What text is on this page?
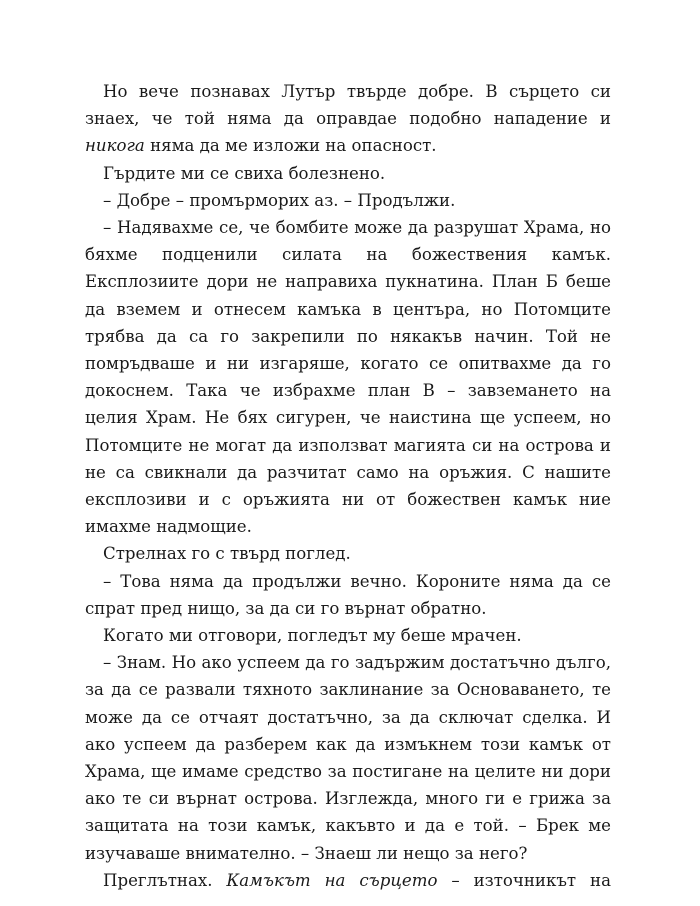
Но вече познавах Лутър твърде добре. В сърцето си знаех, че той няма да оправдае подобно нападение и никога няма да ме изложи на опасност.

Гърдите ми се свиха болезнено.

– Добре – промърморих аз. – Продължи.

– Надявахме се, че бомбите може да разрушат Храма, но бяхме подценили силата на божествения камък. Експлозиите дори не направиха пукнатина. План Б беше да вземем и отнесем камъка в центъра, но Потомците трябва да са го закрепили по някакъв начин. Той не помръдваше и ни изгаряше, когато се опитвахме да го докоснем. Така че избрахме план В – завземането на целия Храм. Не бях сигурен, че наистина ще успеем, но Потомците не могат да използват магията си на острова и не са свикнали да разчитат само на оръжия. С нашите експлозиви и с оръжията ни от божествен камък ние имахме надмощие.

Стрелнах го с твърд поглед.

– Това няма да продължи вечно. Короните няма да се спрат пред нищо, за да си го върнат обратно.

Когато ми отговори, погледът му беше мрачен.

– Знам. Но ако успеем да го задържим достатъчно дълго, за да се развали тяхното заклинание за Основаването, те може да се отчаят достатъчно, за да сключат сделка. И ако успеем да разберем как да измъкнем този камък от Храма, ще имаме средство за постигане на целите ни дори ако те си върнат острова. Изглежда, много ги е грижа за защитата на този камък, какъвто и да е той. – Брек ме изучаваше внимателно. – Знаеш ли нещо за него?

Преглътнах. Камъкът на сърцето – източникът на
